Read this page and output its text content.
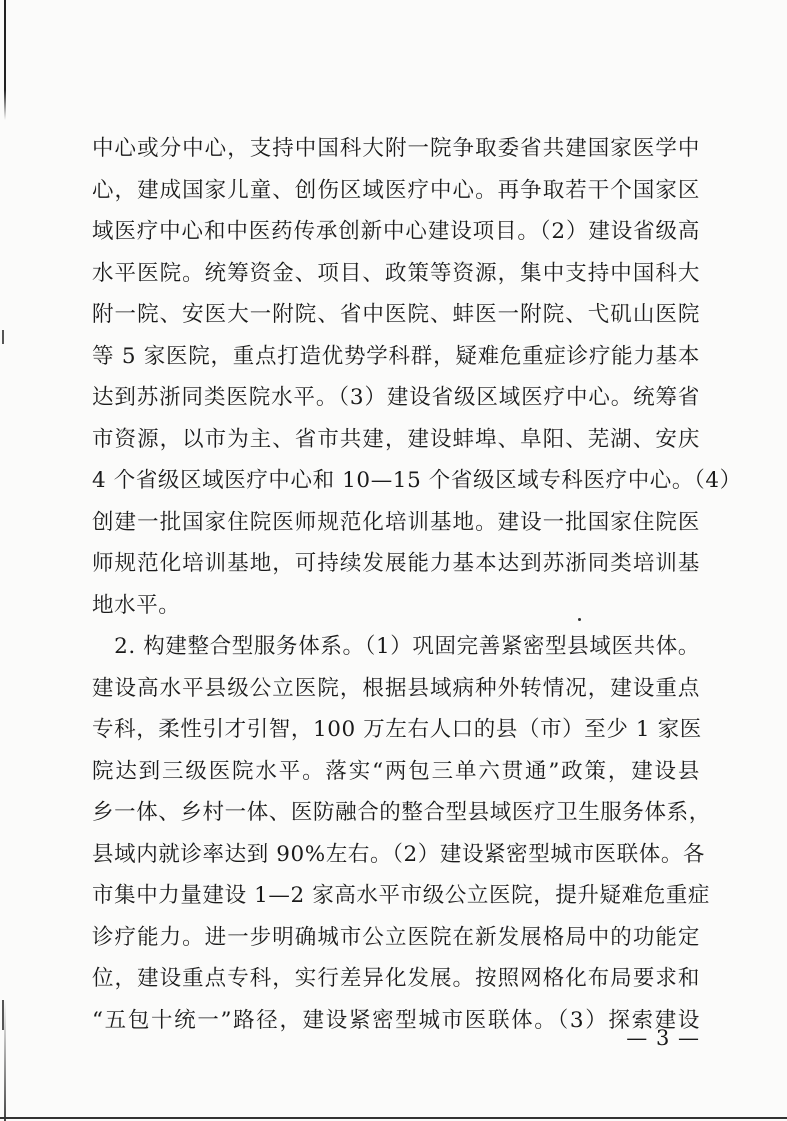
中心或分中心，支持中国科大附一院争取委省共建国家医学中
心，建成国家儿童、创伤区域医疗中心。再争取若干个国家区
域医疗中心和中医药传承创新中心建设项目。（2）建设省级高
水平医院。统筹资金、项目、政策等资源，集中支持中国科大
附一院、安医大一附院、省中医院、蚌医一附院、弋矶山医院
等 5 家医院，重点打造优势学科群，疑难危重症诊疗能力基本
达到苏浙同类医院水平。（3）建设省级区域医疗中心。统筹省
市资源，以市为主、省市共建，建设蚌埠、阜阳、芜湖、安庆
4 个省级区域医疗中心和 10—15 个省级区域专科医疗中心。（4）
创建一批国家住院医师规范化培训基地。建设一批国家住院医
师规范化培训基地，可持续发展能力基本达到苏浙同类培训基
地水平。
　2. 构建整合型服务体系。（1）巩固完善紧密型县域医共体。
建设高水平县级公立医院，根据县域病种外转情况，建设重点
专科，柔性引才引智，100 万左右人口的县（市）至少 1 家医
院达到三级医院水平。落实“两包三单六贯通”政策，建设县
乡一体、乡村一体、医防融合的整合型县域医疗卫生服务体系，
县域内就诊率达到 90%左右。（2）建设紧密型城市医联体。各
市集中力量建设 1—2 家高水平市级公立医院，提升疑难危重症
诊疗能力。进一步明确城市公立医院在新发展格局中的功能定
位，建设重点专科，实行差异化发展。按照网格化布局要求和
“五包十统一”路径，建设紧密型城市医联体。（3）探索建设
— 3 —
